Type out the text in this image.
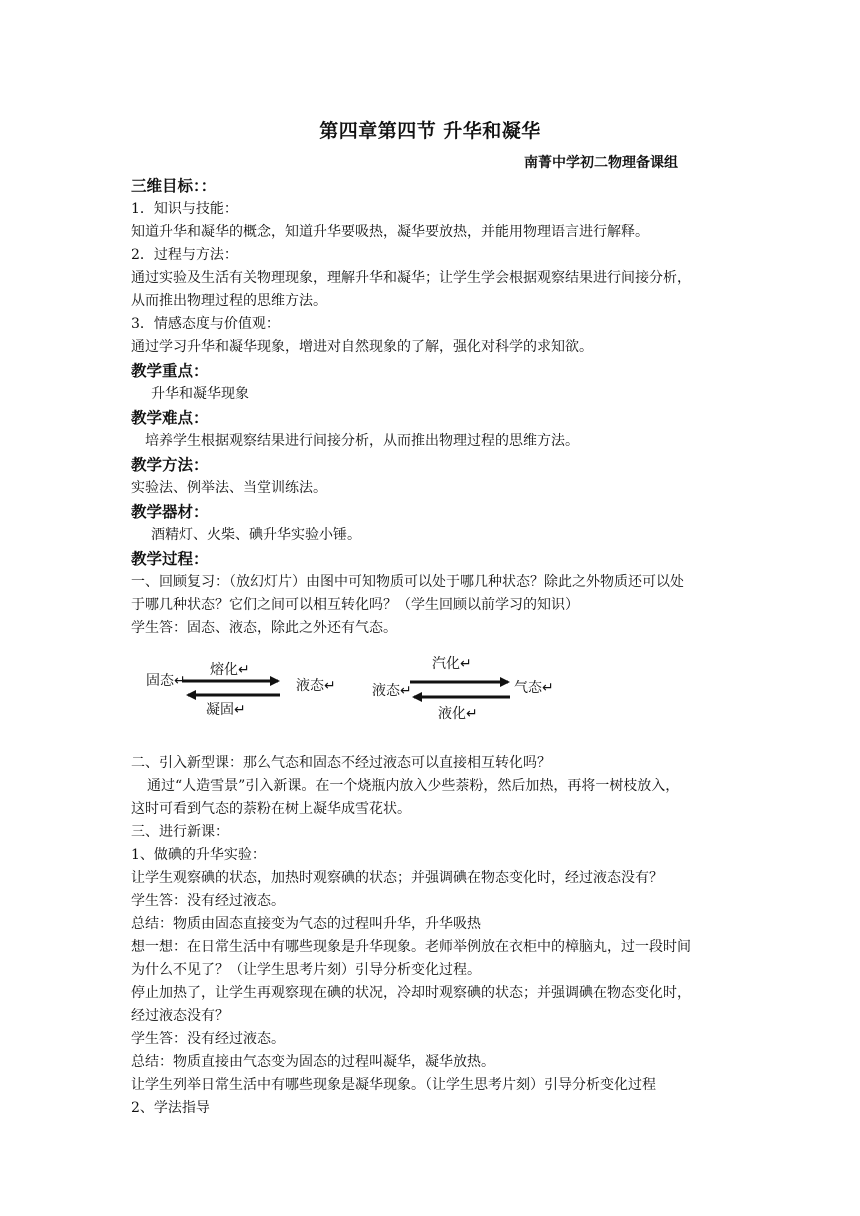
第四章第四节 升华和凝华
南菁中学初二物理备课组
三维目标：：
1．知识与技能：
知道升华和凝华的概念，知道升华要吸热，凝华要放热，并能用物理语言进行解释。
2．过程与方法：
通过实验及生活有关物理现象，理解升华和凝华；让学生学会根据观察结果进行间接分析，
从而推出物理过程的思维方法。
3．情感态度与价值观：
通过学习升华和凝华现象，增进对自然现象的了解，强化对科学的求知欲。
教学重点：
升华和凝华现象
教学难点：
培养学生根据观察结果进行间接分析，从而推出物理过程的思维方法。
教学方法：
实验法、例举法、当堂训练法。
教学器材：
酒精灯、火柴、碘升华实验小锤。
教学过程：
一、回顾复习：（放幻灯片）由图中可知物质可以处于哪几种状态？除此之外物质还可以处
于哪几种状态？它们之间可以相互转化吗？（学生回顾以前学习的知识）
学生答：固态、液态，除此之外还有气态。
固态↵
熔化↵
液态↵
凝固↵
液态↵
汽化↵
气态↵
液化↵
二、引入新型课：那么气态和固态不经过液态可以直接相互转化吗？
通过“人造雪景”引入新课。在一个烧瓶内放入少些萘粉，然后加热，再将一树枝放入，
这时可看到气态的萘粉在树上凝华成雪花状。
三、进行新课：
1、做碘的升华实验：
让学生观察碘的状态，加热时观察碘的状态；并强调碘在物态变化时，经过液态没有？
学生答：没有经过液态。
总结：物质由固态直接变为气态的过程叫升华，升华吸热
想一想：在日常生活中有哪些现象是升华现象。老师举例放在衣柜中的樟脑丸，过一段时间
为什么不见了？（让学生思考片刻）引导分析变化过程。
停止加热了，让学生再观察现在碘的状况，冷却时观察碘的状态；并强调碘在物态变化时，
经过液态没有？
学生答：没有经过液态。
总结：物质直接由气态变为固态的过程叫凝华，凝华放热。
让学生列举日常生活中有哪些现象是凝华现象。（让学生思考片刻）引导分析变化过程
2、学法指导
